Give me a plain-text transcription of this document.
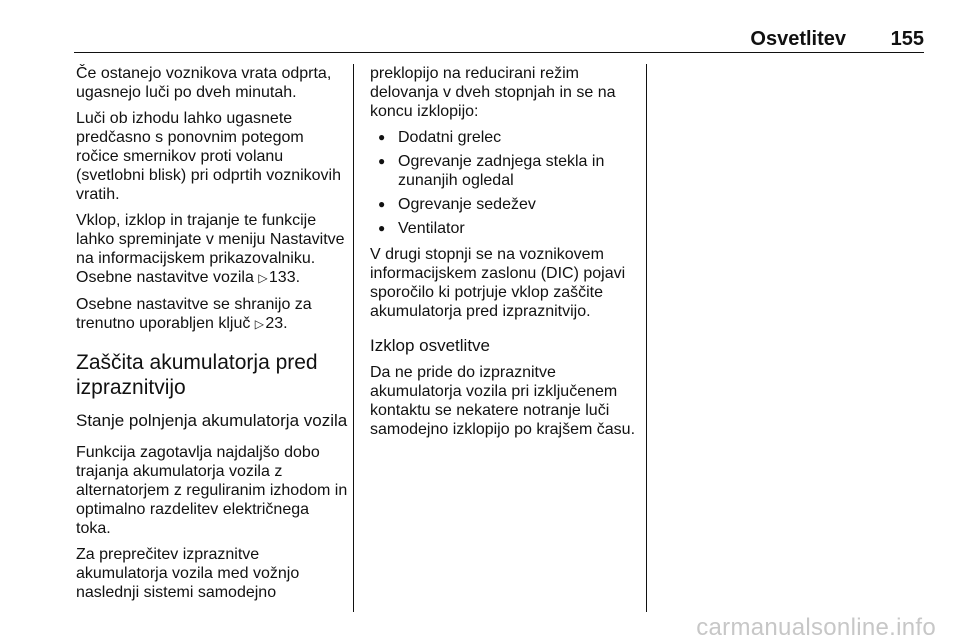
Osvetlitev 155

Če ostanejo voznikova vrata odprta, ugasnejo luči po dveh minutah.

Luči ob izhodu lahko ugasnete predčasno s ponovnim potegom ročice smernikov proti volanu (svetlobni blisk) pri odprtih voznikovih vratih.

Vklop, izklop in trajanje te funkcije lahko spreminjate v meniju Nastavitve na informacijskem prikazovalniku. Osebne nastavitve vozila ▷ 133.

Osebne nastavitve se shranijo za trenutno uporabljen ključ ▷ 23.

Zaščita akumulatorja pred izpraznitvijo
Stanje polnjenja akumulatorja vozila

Funkcija zagotavlja najdaljšo dobo trajanja akumulatorja vozila z alternatorjem z reguliranim izhodom in optimalno razdelitev električnega toka.

Za preprečitev izpraznitve akumulatorja vozila med vožnjo naslednji sistemi samodejno

preklopijo na reducirani režim delovanja v dveh stopnjah in se na koncu izklopijo:

● Dodatni grelec
● Ogrevanje zadnjega stekla in zunanjih ogledal
● Ogrevanje sedežev
● Ventilator

V drugi stopnji se na voznikovem informacijskem zaslonu (DIC) pojavi sporočilo ki potrjuje vklop zaščite akumulatorja pred izpraznitvijo.

Izklop osvetlitve

Da ne pride do izpraznitve akumulatorja vozila pri izključenem kontaktu se nekatere notranje luči samodejno izklopijo po krajšem času.

carmanualsonline.info
